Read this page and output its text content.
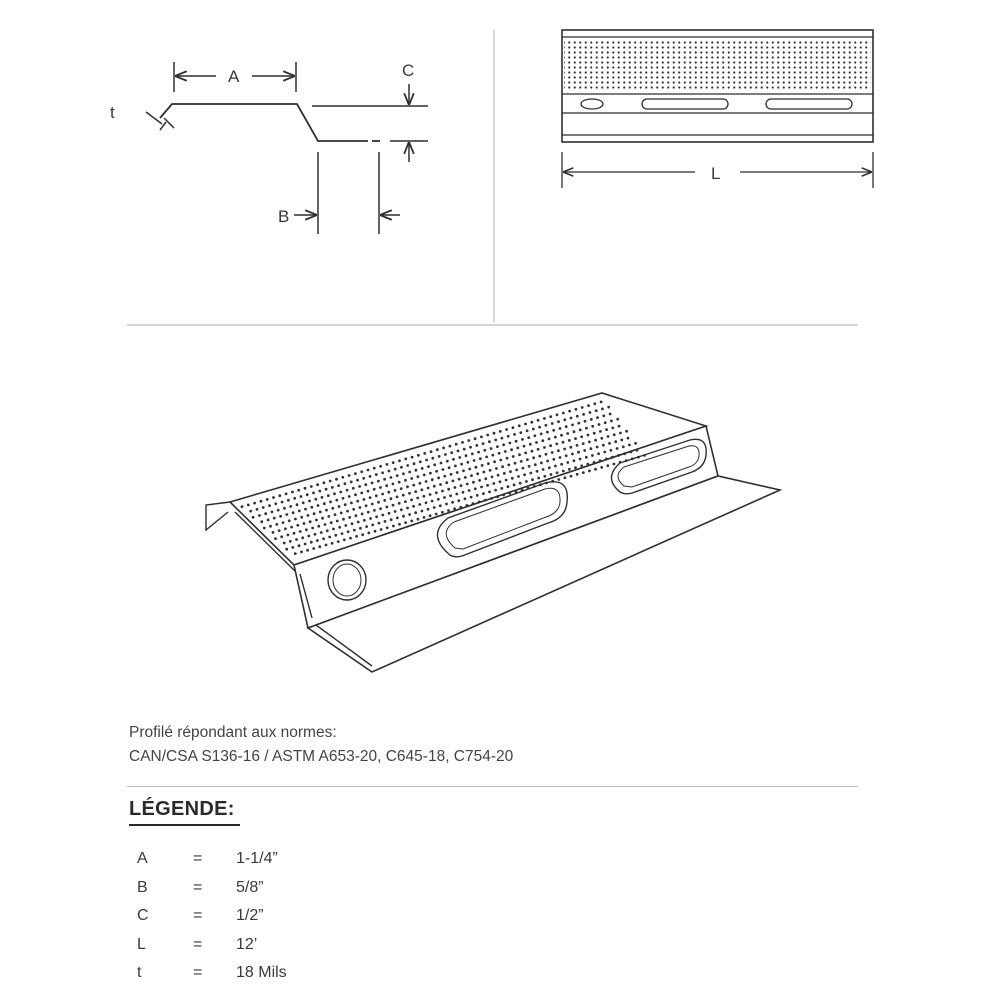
A	C
B
t
L
Profilé répondant aux normes:
CAN/CSA S136-16 / ASTM A653-20, C645-18, C754-20
LÉGENDE:
A	= 1-1/4”
B	= 5/8”
C	= 1/2”
L	= 12’
t	= 18 Mils
